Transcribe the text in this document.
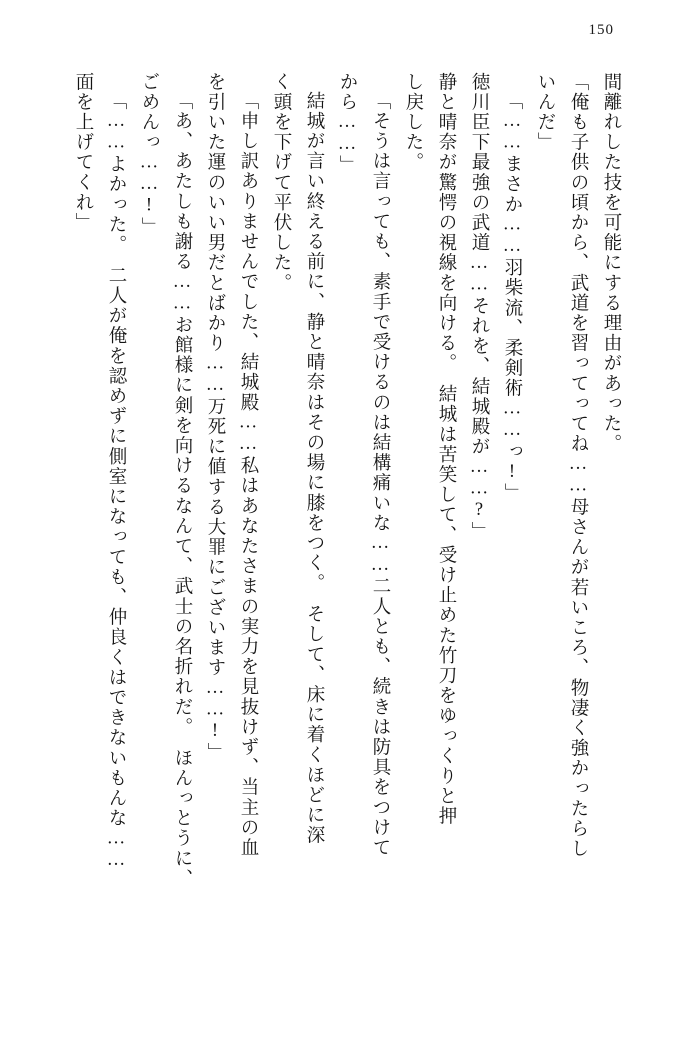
150
間離れした技を可能にする理由があった。
「俺も子供の頃から、武道を習ってってね……母さんが若いころ、物凄く強かったらし
いんだ」
「……まさか……羽柴流、柔剣術……っ!」
徳川臣下最強の武道……それを、結城殿が……?」
静と晴奈が驚愕の視線を向ける。　結城は苦笑して、受け止めた竹刀をゆっくりと押
し戻した。
「そうは言っても、素手で受けるのは結構痛いな……二人とも、続きは防具をつけて
から……」
結城が言い終える前に、静と晴奈はその場に膝をつく。　そして、床に着くほどに深
く頭を下げて平伏した。
「申し訳ありませんでした、結城殿……私はあなたさまの実力を見抜けず、当主の血
を引いた運のいい男だとばかり……万死に値する大罪にございます……!」
「あ、あたしも謝る……お館様に剣を向けるなんて、武士の名折れだ。　ほんっとうに、
ごめんっ……!」
「……よかった。　二人が俺を認めずに側室になっても、仲良くはできないもんな……
面を上げてくれ」
